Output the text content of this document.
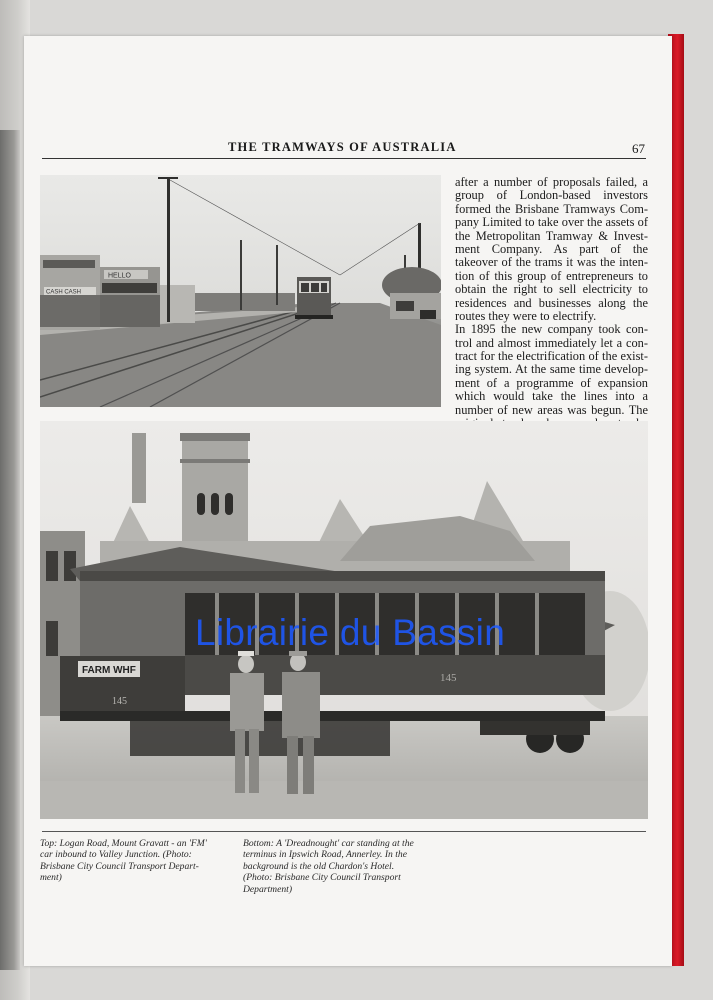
THE TRAMWAYS OF AUSTRALIA	67
HELLO
CASH CASH
after a number of proposals failed, a
group of London-based investors
formed the Brisbane Tramways Com-
pany Limited to take over the assets of
the Metropolitan Tramway & Invest-
ment Company. As part of the
takeover of the trams it was the inten-
tion of this group of entrepreneurs to
obtain the right to sell electricity to
residences and businesses along the
routes they were to electrify.
In 1895 the new company took con-
trol and almost immediately let a con-
tract for the electrification of the exist-
ing system. At the same time develop-
ment of a programme of expansion
which would take the lines into a
number of new areas was begun. The
145
FARM WHF
145
Librairie du Bassin
Top: Logan Road, Mount Gravatt - an 'FM'
car inbound to Valley Junction. (Photo:
Brisbane City Council Transport Depart-
ment)
Bottom: A 'Dreadnought' car standing at the
terminus in Ipswich Road, Annerley. In the
background is the old Chardon's Hotel.
(Photo: Brisbane City Council Transport
Department)
